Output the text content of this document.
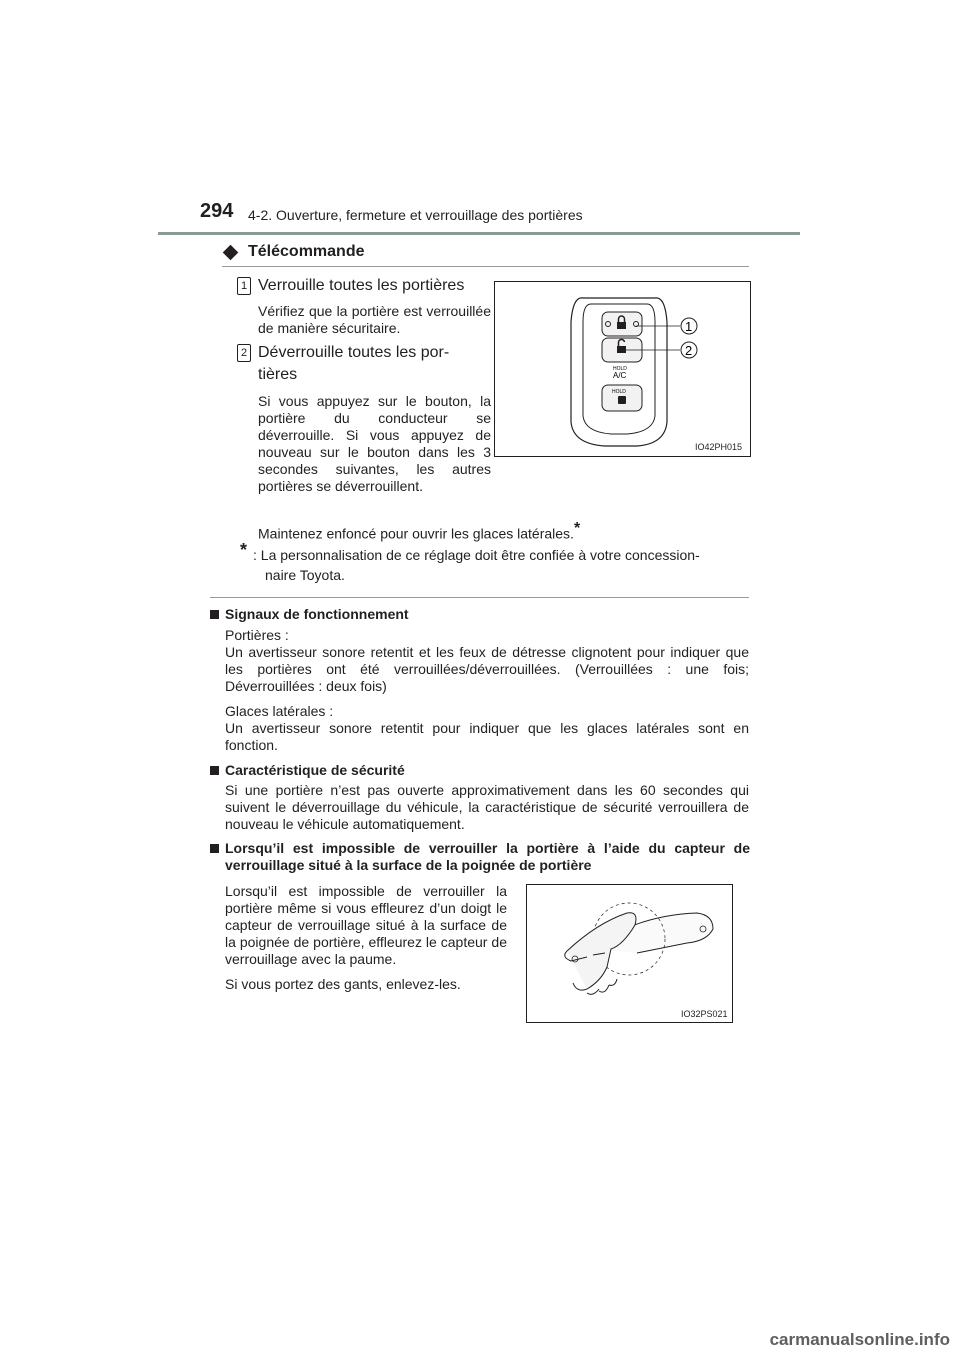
294 4-2. Ouverture, fermeture et verrouillage des portières
Télécommande
1 Verrouille toutes les portières
Vérifiez que la portière est verrouillée de manière sécuritaire.
2 Déverrouille toutes les por-
tières
Si vous appuyez sur le bouton, la portière du conducteur se déverrouille. Si vous appuyez de nouveau sur le bouton dans les 3 secondes suivantes, les autres portières se déverrouillent.
HOLD
A/C
HOLD
1
2
IO42PH015
Maintenez enfoncé pour ouvrir les glaces latérales.*
* : La personnalisation de ce réglage doit être confiée à votre concession-
naire Toyota.
Signaux de fonctionnement
Portières :
Un avertisseur sonore retentit et les feux de détresse clignotent pour indiquer que les portières ont été verrouillées/déverrouillées. (Verrouillées : une fois; Déverrouillées : deux fois)
Glaces latérales :
Un avertisseur sonore retentit pour indiquer que les glaces latérales sont en fonction.
Caractéristique de sécurité
Si une portière n’est pas ouverte approximativement dans les 60 secondes qui suivent le déverrouillage du véhicule, la caractéristique de sécurité verrouillera de nouveau le véhicule automatiquement.
Lorsqu’il est impossible de verrouiller la portière à l’aide du capteur de verrouillage situé à la surface de la poignée de portière
Lorsqu’il est impossible de verrouiller la portière même si vous effleurez d’un doigt le capteur de verrouillage situé à la surface de la poignée de portière, effleurez le capteur de verrouillage avec la paume.
Si vous portez des gants, enlevez-les.
IO32PS021
carmanualsonline.info
